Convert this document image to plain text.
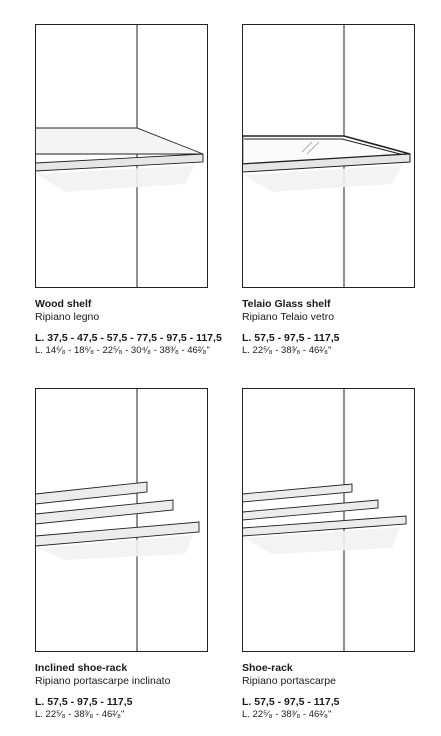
Wood shelf
Ripiano legno
L. 37,5 - 47,5 - 57,5 - 77,5 - 97,5 - 117,5
L. 14⁶⁄₈ - 18⁶⁄₈ - 22⁵⁄₈ - 30⁴⁄₈ - 38³⁄₈ - 46²⁄₈"
Telaio Glass shelf
Ripiano Telaio vetro
L. 57,5 - 97,5 - 117,5
L. 22⁵⁄₈ - 38³⁄₈ - 46²⁄₈"
Inclined shoe-rack
Ripiano portascarpe inclinato
L. 57,5 - 97,5 - 117,5
L. 22⁵⁄₈ - 38³⁄₈ - 46²⁄₈"
Shoe-rack
Ripiano portascarpe
L. 57,5 - 97,5 - 117,5
L. 22⁵⁄₈ - 38³⁄₈ - 46²⁄₈"
